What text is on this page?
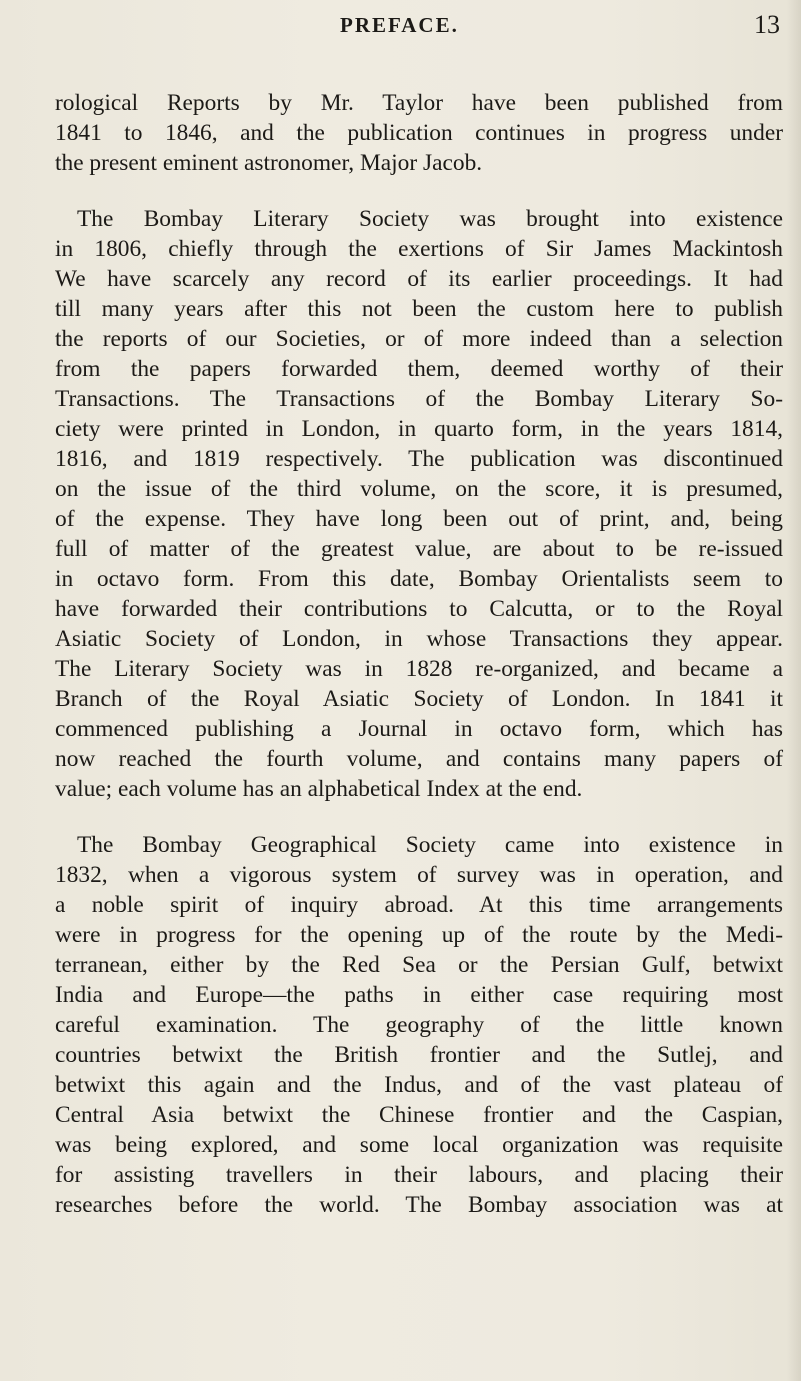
PREFACE.	13
rological Reports by Mr. Taylor have been published from
1841 to 1846, and the publication continues in progress under
the present eminent astronomer, Major Jacob.
The Bombay Literary Society was brought into existence
in 1806, chiefly through the exertions of Sir James Mackintosh
We have scarcely any record of its earlier proceedings. It had
till many years after this not been the custom here to publish
the reports of our Societies, or of more indeed than a selection
from the papers forwarded them, deemed worthy of their
Transactions. The Transactions of the Bombay Literary So-
ciety were printed in London, in quarto form, in the years 1814,
1816, and 1819 respectively. The publication was discontinued
on the issue of the third volume, on the score, it is presumed,
of the expense. They have long been out of print, and, being
full of matter of the greatest value, are about to be re-issued
in octavo form. From this date, Bombay Orientalists seem to
have forwarded their contributions to Calcutta, or to the Royal
Asiatic Society of London, in whose Transactions they appear.
The Literary Society was in 1828 re-organized, and became a
Branch of the Royal Asiatic Society of London. In 1841 it
commenced publishing a Journal in octavo form, which has
now reached the fourth volume, and contains many papers of
value; each volume has an alphabetical Index at the end.
The Bombay Geographical Society came into existence in
1832, when a vigorous system of survey was in operation, and
a noble spirit of inquiry abroad. At this time arrangements
were in progress for the opening up of the route by the Medi-
terranean, either by the Red Sea or the Persian Gulf, betwixt
India and Europe—the paths in either case requiring most
careful examination. The geography of the little known
countries betwixt the British frontier and the Sutlej, and
betwixt this again and the Indus, and of the vast plateau of
Central Asia betwixt the Chinese frontier and the Caspian,
was being explored, and some local organization was requisite
for assisting travellers in their labours, and placing their
researches before the world. The Bombay association was at
